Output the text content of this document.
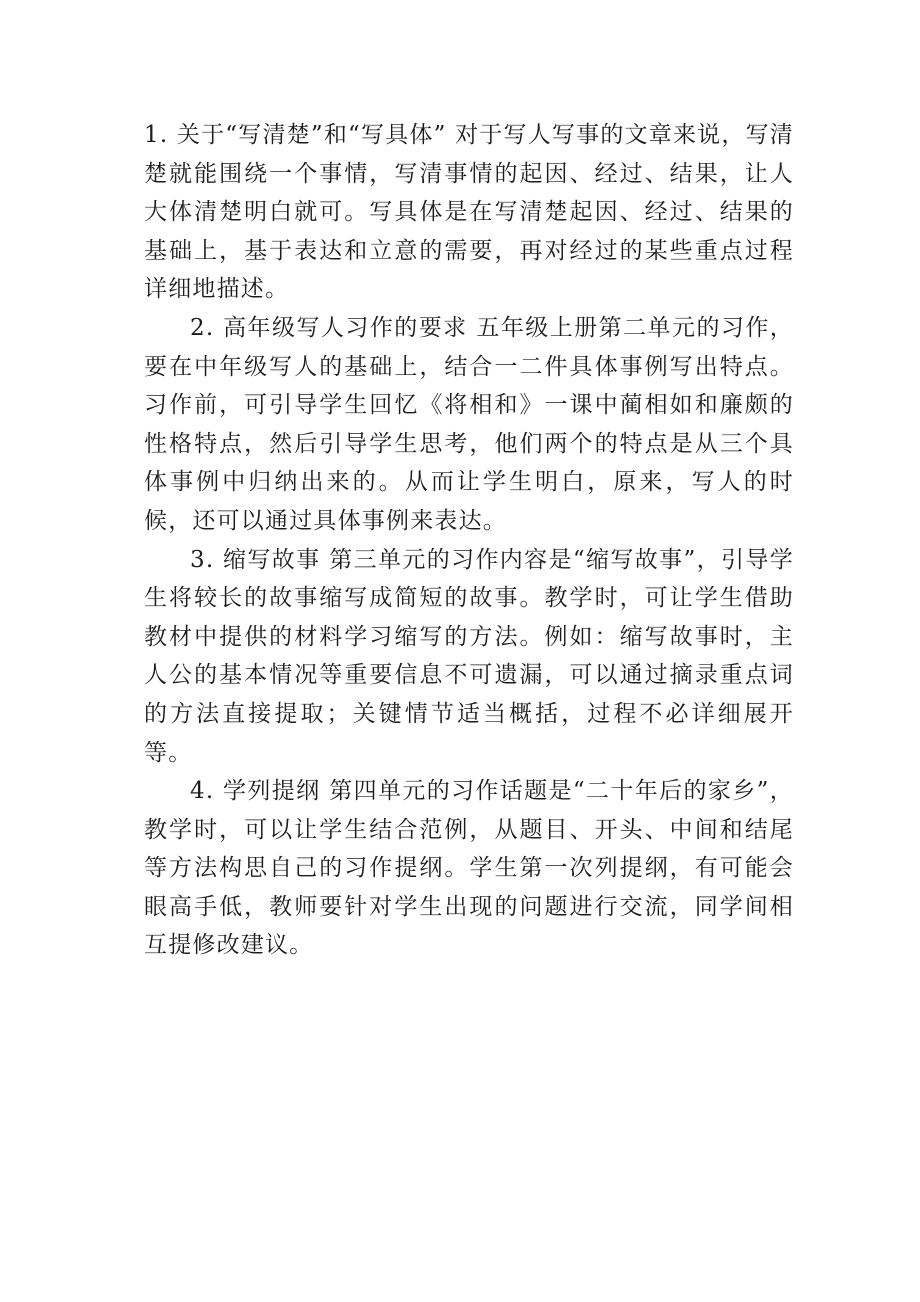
1. 关于“写清楚”和“写具体” 对于写人写事的文章来说，写清楚就能围绕一个事情，写清事情的起因、经过、结果，让人大体清楚明白就可。写具体是在写清楚起因、经过、结果的基础上，基于表达和立意的需要，再对经过的某些重点过程详细地描述。

2. 高年级写人习作的要求 五年级上册第二单元的习作，要在中年级写人的基础上，结合一二件具体事例写出特点。习作前，可引导学生回忆《将相和》一课中蔺相如和廉颇的性格特点，然后引导学生思考，他们两个的特点是从三个具体事例中归纳出来的。从而让学生明白，原来，写人的时候，还可以通过具体事例来表达。

3. 缩写故事 第三单元的习作内容是“缩写故事”，引导学生将较长的故事缩写成简短的故事。教学时，可让学生借助教材中提供的材料学习缩写的方法。例如：缩写故事时，主人公的基本情况等重要信息不可遗漏，可以通过摘录重点词的方法直接提取；关键情节适当概括，过程不必详细展开等。

4. 学列提纲 第四单元的习作话题是“二十年后的家乡”，教学时，可以让学生结合范例，从题目、开头、中间和结尾等方法构思自己的习作提纲。学生第一次列提纲，有可能会眼高手低，教师要针对学生出现的问题进行交流，同学间相互提修改建议。
